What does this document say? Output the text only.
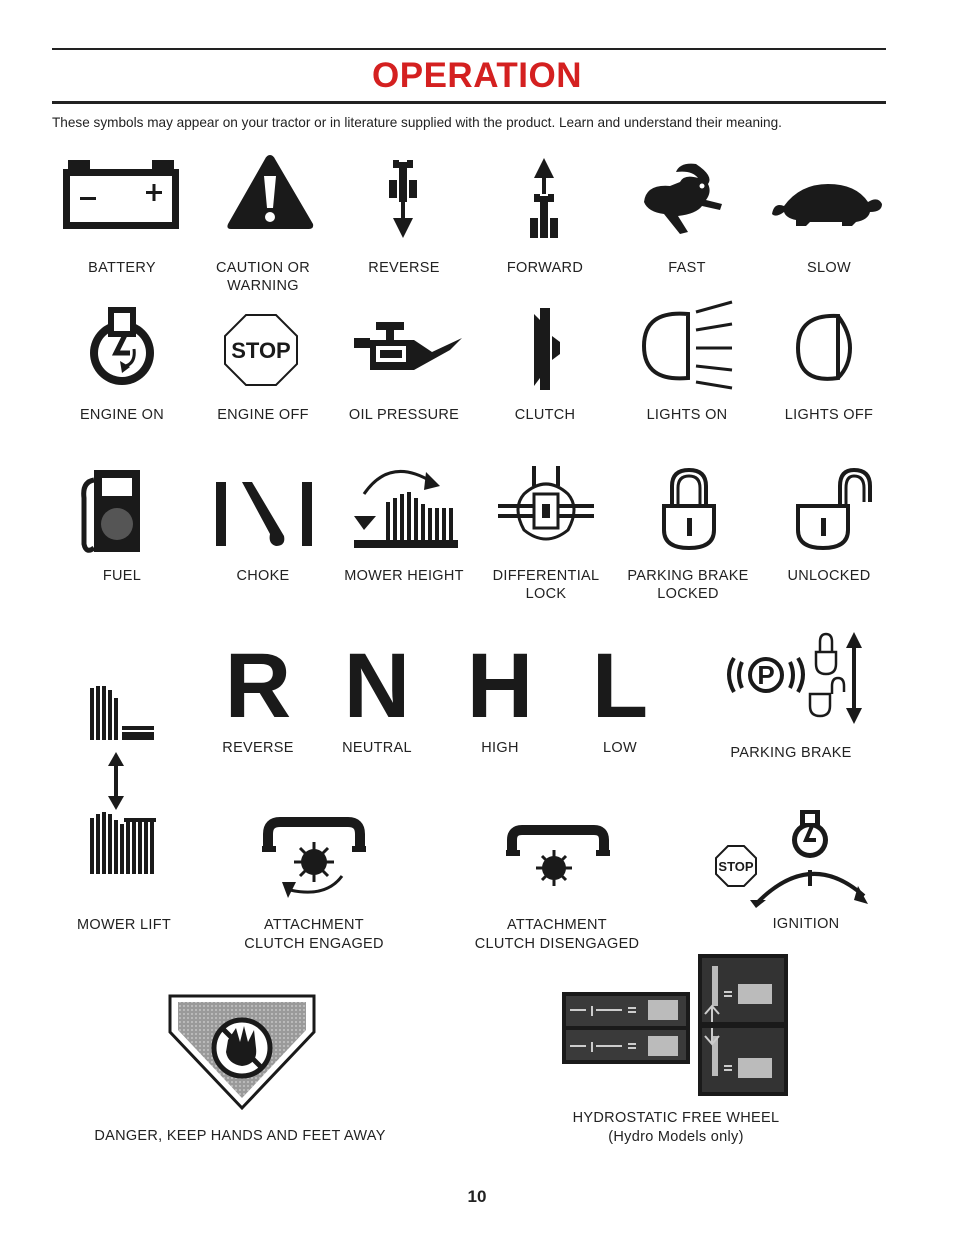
OPERATION
These symbols may appear on your tractor or in literature supplied with the product. Learn and understand their meaning.
BATTERY	CAUTION OR
WARNING
REVERSE	FORWARD	FAST	SLOW
STOP
ENGINE ON	ENGINE OFF	OIL PRESSURE	CLUTCH	LIGHTS ON	LIGHTS OFF
FUEL	CHOKE	MOWER HEIGHT DIFFERENTIAL
LOCK
PARKING BRAKE
LOCKED
UNLOCKED
R N H L	P
REVERSE	NEUTRAL	HIGH	LOW	PARKING BRAKE
STOP
MOWER LIFT	ATTACHMENT
CLUTCH ENGAGED
ATTACHMENT
CLUTCH DISENGAGED
IGNITION
DANGER, KEEP HANDS AND FEET AWAY
HYDROSTATIC FREE WHEEL
(Hydro Models only)
10
